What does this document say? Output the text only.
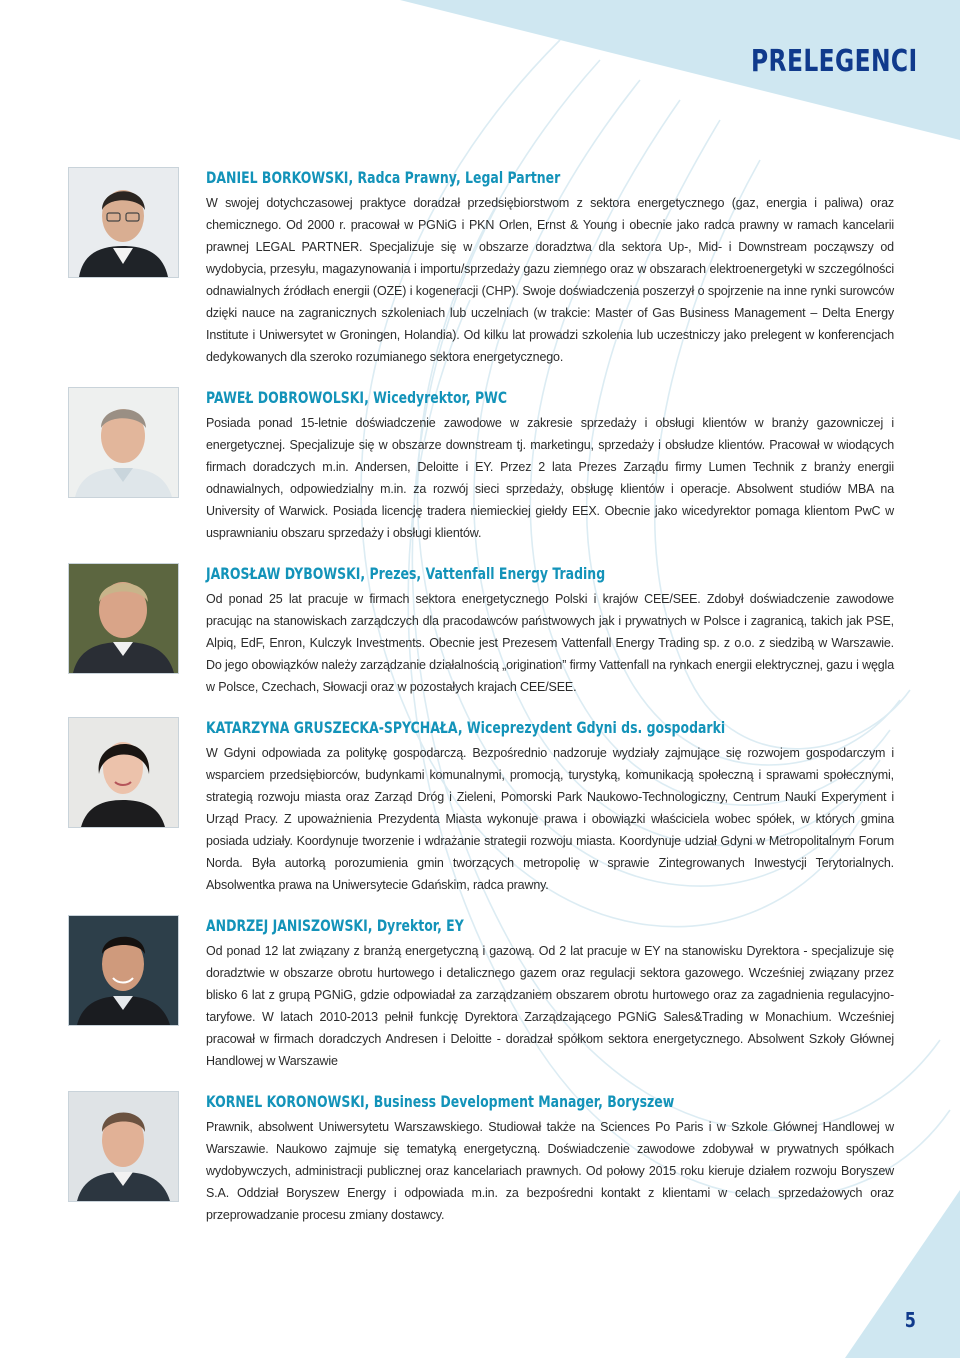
PRELEGENCI
DANIEL BORKOWSKI, Radca Prawny, Legal Partner

W swojej dotychczasowej praktyce doradzał przedsiębiorstwom z sektora energetycznego (gaz, energia i paliwa) oraz chemicznego. Od 2000 r. pracował w PGNiG i PKN Orlen, Ernst & Young i obecnie jako radca prawny w ramach kancelarii prawnej LEGAL PARTNER. Specjalizuje się w obszarze doradztwa dla sektora Up-, Mid- i Downstream począwszy od wydobycia, przesyłu, magazynowania i importu/sprzedaży gazu ziemnego oraz w obszarach elektroenergetyki w szczególności odnawialnych źródłach energii (OZE) i kogeneracji (CHP). Swoje doświadczenia poszerzył o spojrzenie na inne rynki surowców dzięki nauce na zagranicznych szkoleniach lub uczelniach (w trakcie: Master of Gas Business Management – Delta Energy Institute i Uniwersytet w Groningen, Holandia). Od kilku lat prowadzi szkolenia lub uczestniczy jako prelegent w konferencjach dedykowanych dla szeroko rozumianego sektora energetycznego.

PAWEŁ DOBROWOLSKI, Wicedyrektor, PWC

Posiada ponad 15-letnie doświadczenie zawodowe w zakresie sprzedaży i obsługi klientów w branży gazowniczej i energetycznej. Specjalizuje się w obszarze downstream tj. marketingu, sprzedaży i obsłudze klientów. Pracował w wiodących firmach doradczych m.in. Andersen, Deloitte i EY. Przez 2 lata Prezes Zarządu firmy Lumen Technik z branży energii odnawialnych, odpowiedzialny m.in. za rozwój sieci sprzedaży, obsługę klientów i operacje. Absolwent studiów MBA na University of Warwick. Posiada licencję tradera niemieckiej giełdy EEX. Obecnie jako wicedyrektor pomaga klientom PwC w usprawnianiu obszaru sprzedaży i obsługi klientów.

JAROSŁAW DYBOWSKI, Prezes, Vattenfall Energy Trading

Od ponad 25 lat pracuje w firmach sektora energetycznego Polski i krajów CEE/SEE. Zdobył doświadczenie zawodowe pracując na stanowiskach zarządczych dla pracodawców państwowych jak i prywatnych w Polsce i zagranicą, takich jak PSE, Alpiq, EdF, Enron, Kulczyk Investments. Obecnie jest Prezesem Vattenfall Energy Trading sp. z o.o. z siedzibą w Warszawie. Do jego obowiązków należy zarządzanie działalnością „origination” firmy Vattenfall na rynkach energii elektrycznej, gazu i węgla w Polsce, Czechach, Słowacji oraz w pozostałych krajach CEE/SEE.

KATARZYNA GRUSZECKA-SPYCHAŁA, Wiceprezydent Gdyni ds. gospodarki

W Gdyni odpowiada za politykę gospodarczą. Bezpośrednio nadzoruje wydziały zajmujące się rozwojem gospodarczym i wsparciem przedsiębiorców, budynkami komunalnymi, promocją, turystyką, komunikacją społeczną i sprawami społecznymi, strategią rozwoju miasta oraz Zarząd Dróg i Zieleni, Pomorski Park Naukowo-Technologiczny, Centrum Nauki Experyment i Urząd Pracy. Z upoważnienia Prezydenta Miasta wykonuje prawa i obowiązki właściciela wobec spółek, w których gmina posiada udziały. Koordynuje tworzenie i wdrażanie strategii rozwoju miasta. Koordynuje udział Gdyni w Metropolitalnym Forum Norda. Była autorką porozumienia gmin tworzących metropolię w sprawie Zintegrowanych Inwestycji Terytorialnych. Absolwentka prawa na Uniwersytecie Gdańskim, radca prawny.

ANDRZEJ JANISZOWSKI, Dyrektor, EY

Od ponad 12 lat związany z branżą energetyczną i gazową. Od 2 lat pracuje w EY na stanowisku Dyrektora - specjalizuje się doradztwie w obszarze obrotu hurtowego i detalicznego gazem oraz regulacji sektora gazowego. Wcześniej związany przez blisko 6 lat z grupą PGNiG, gdzie odpowiadał za zarządzaniem obszarem obrotu hurtowego oraz za zagadnienia regulacyjno-taryfowe. W latach 2010-2013 pełnił funkcję Dyrektora Zarządzającego PGNiG Sales&Trading w Monachium. Wcześniej pracował w firmach doradczych Andresen i Deloitte - doradzał spółkom sektora energetycznego. Absolwent Szkoły Głównej Handlowej w Warszawie

KORNEL KORONOWSKI, Business Development Manager, Boryszew

Prawnik, absolwent Uniwersytetu Warszawskiego. Studiował także na Sciences Po Paris i w Szkole Głównej Handlowej w Warszawie. Naukowo zajmuje się tematyką energetyczną. Doświadczenie zawodowe zdobywał w prywatnych spółkach wydobywczych, administracji publicznej oraz kancelariach prawnych. Od połowy 2015 roku kieruje działem rozwoju Boryszew S.A. Oddział Boryszew Energy i odpowiada m.in. za bezpośredni kontakt z klientami w celach sprzedażowych oraz przeprowadzanie procesu zmiany dostawcy.

5
